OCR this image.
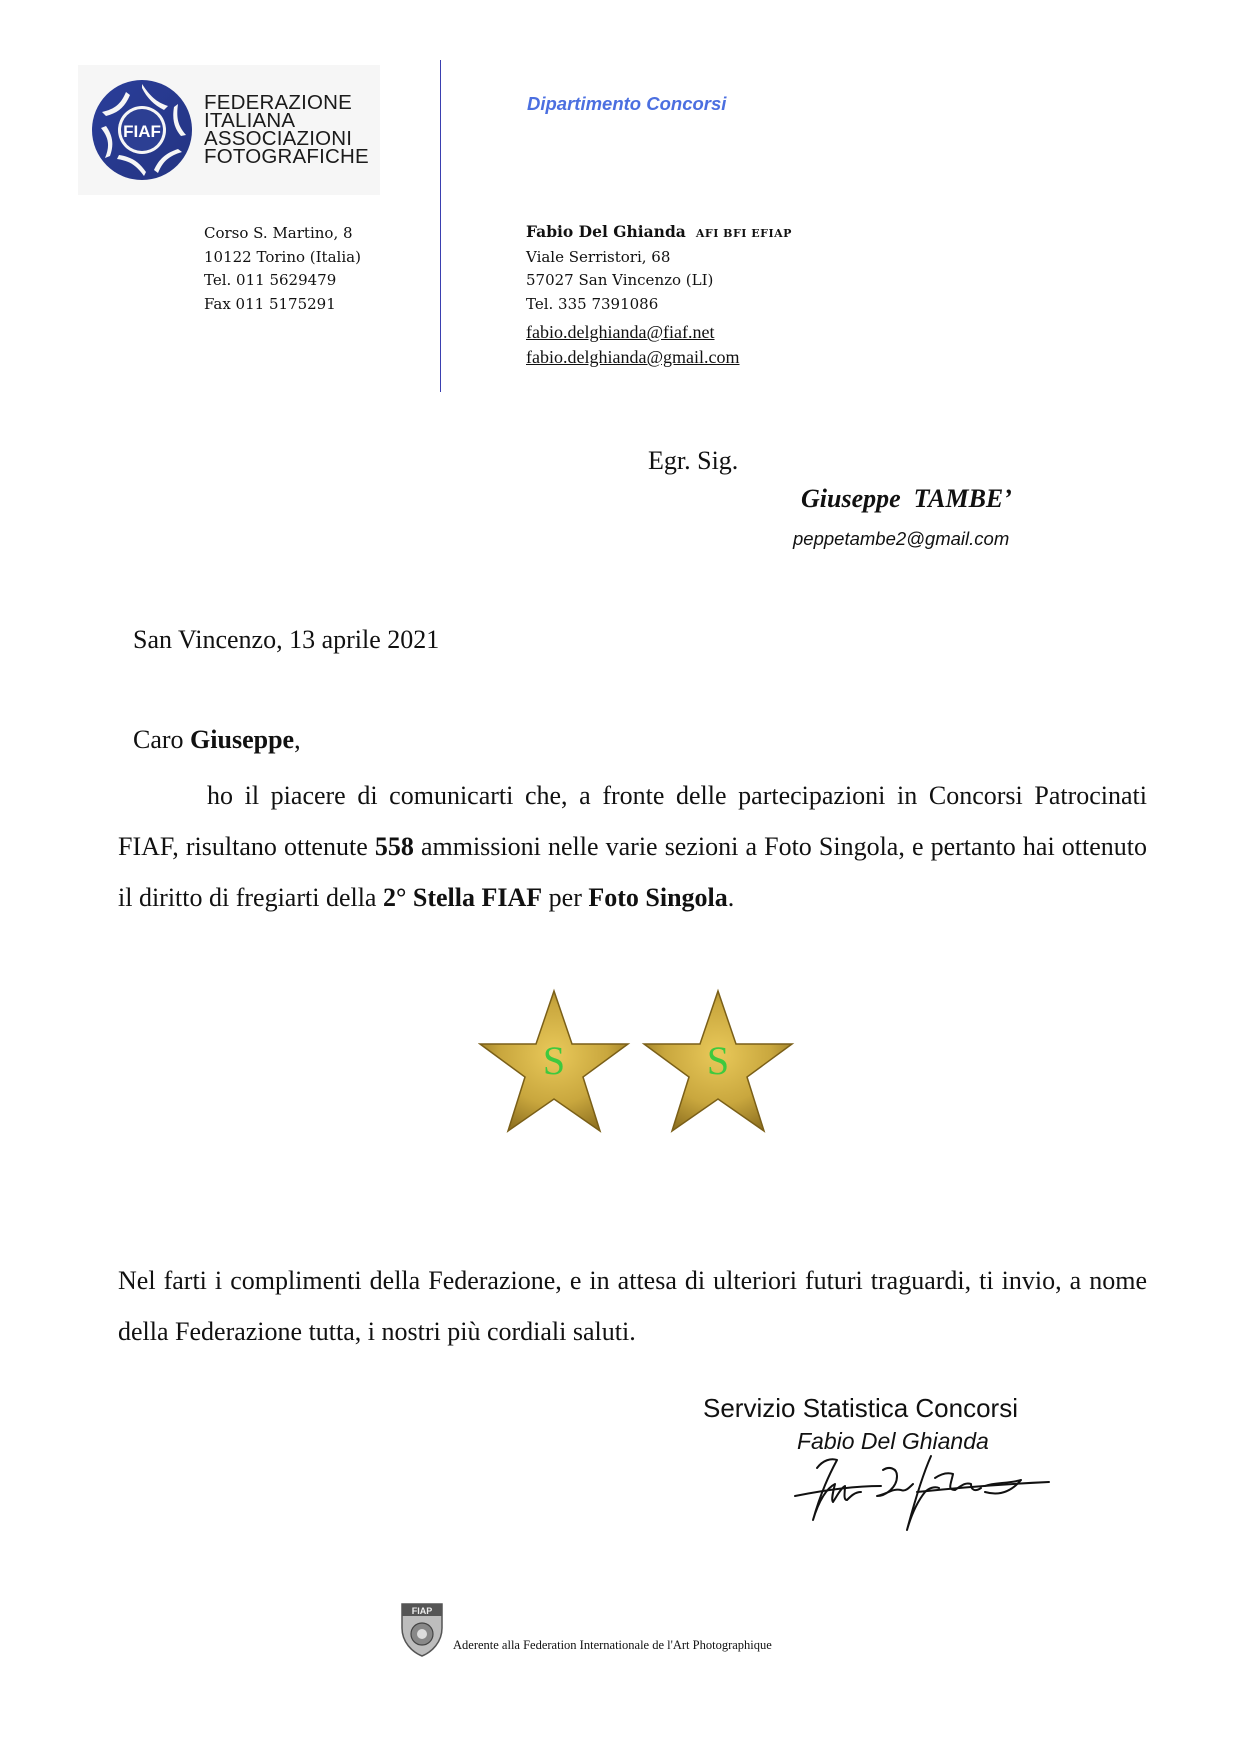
FIAF
FEDERAZIONE
ITALIANA
ASSOCIAZIONI
FOTOGRAFICHE
Dipartimento Concorsi
Corso S. Martino, 8
10122 Torino (Italia)
Tel. 011 5629479
Fax 011 5175291
Fabio Del Ghianda AFI BFI EFIAP
Viale Serristori, 68
57027 San Vincenzo (LI)
Tel. 335 7391086
fabio.delghianda@fiaf.net
fabio.delghianda@gmail.com
Egr. Sig.
Giuseppe  TAMBE’
peppetambe2@gmail.com
San Vincenzo, 13 aprile 2021
Caro Giuseppe,
ho il piacere di comunicarti che, a fronte delle partecipazioni in Concorsi Patrocinati FIAF, risultano ottenute 558 ammissioni nelle varie sezioni a Foto Singola, e pertanto hai ottenuto il diritto di fregiarti della 2° Stella FIAF per Foto Singola.
S	S
Nel farti i complimenti della Federazione, e in attesa di ulteriori futuri traguardi, ti invio, a nome della Federazione tutta, i nostri più cordiali saluti.
Servizio Statistica Concorsi
Fabio Del Ghianda
FIAP
Aderente alla Federation Internationale de l'Art Photographique
